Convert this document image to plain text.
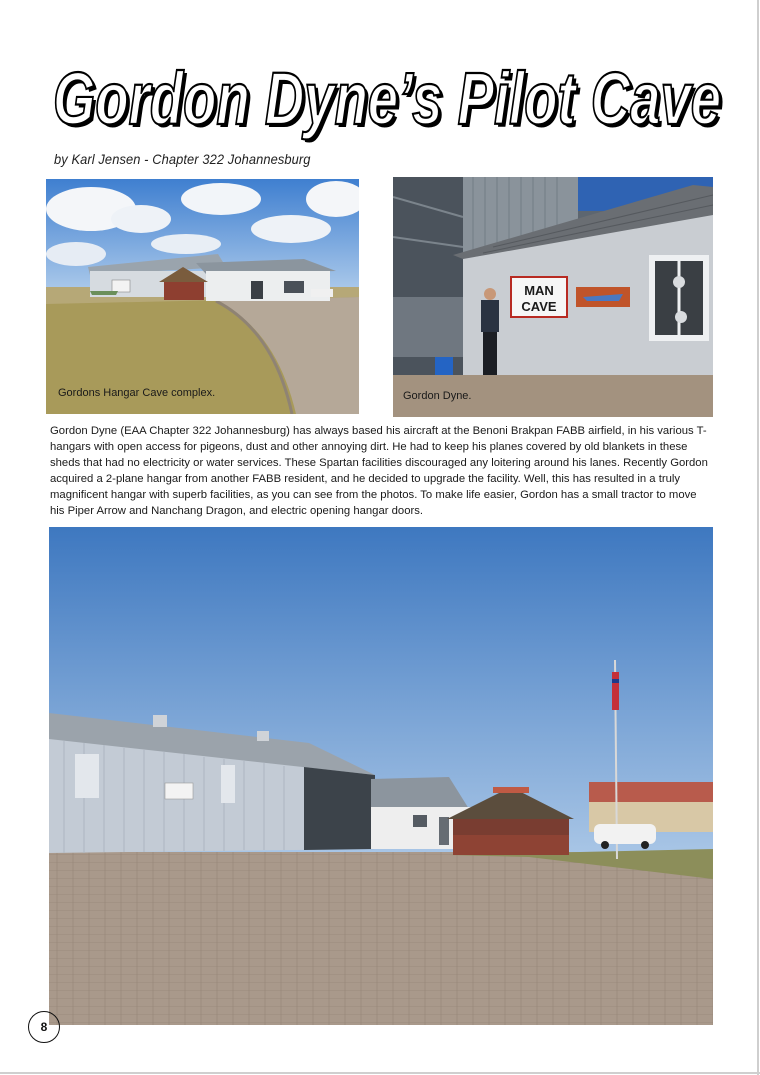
Gordon Dyne’s Pilot Cave
Gordon Dyne’s Pilot Cave
by Karl Jensen - Chapter 322 Johannesburg
Gordons Hangar Cave complex.
MAN
CAVE
Gordon Dyne.

Gordon Dyne (EAA Chapter 322 Johannesburg) has always based his aircraft at the Benoni Brakpan FABB airfield, in his various T-hangars with open access for pigeons, dust and other annoying dirt. He had to keep his planes covered by old blankets in these sheds that had no electricity or water services. These Spartan facilities discouraged any loitering around his lanes. Recently Gordon acquired a 2-plane hangar from another FABB resident, and he decided to upgrade the facility. Well, this has resulted in a truly magnificent hangar with superb facilities, as you can see from the photos. To make life easier, Gordon has a small tractor to move his Piper Arrow and Nanchang Dragon, and electric opening hangar doors.

8
